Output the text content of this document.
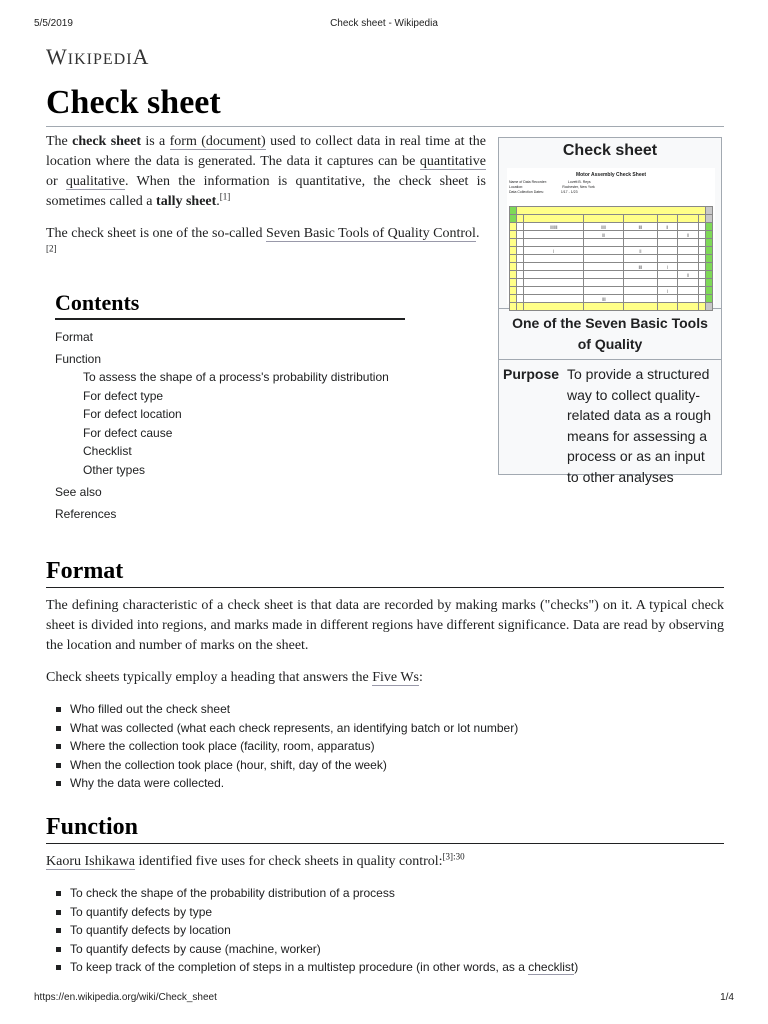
5/5/2019	Check sheet - Wikipedia
WIKIPEDIA
Check sheet

The check sheet is a form (document) used to collect data in real time at the location where the data is generated. The data it captures can be quantitative or qualitative. When the information is quantitative, the check sheet is sometimes called a tally sheet.[1]

The check sheet is one of the so-called Seven Basic Tools of Quality Control.[2]

Check sheet
Motor Assembly Check Sheet
Name of Data Recorder:	Lovett B. Reys
Location:	Rochester, New York
Data Collection Dates:	1/17 - 1/23

		||||||||	|||||	||||	||			
			|||			||		

		|		||				

				||||	|			
						||		

					|			
			||||					

One of the Seven Basic Tools of Quality
Purpose To provide a structured way to collect quality-related data as a rough means for assessing a process or as an input to other analyses
Contents
Format
Function
To assess the shape of a process's probability distribution
For defect type
For defect location
For defect cause
Checklist
Other types
See also
References
Format

The defining characteristic of a check sheet is that data are recorded by making marks ("checks") on it. A typical check sheet is divided into regions, and marks made in different regions have different significance. Data are read by observing the location and number of marks on the sheet.

Check sheets typically employ a heading that answers the Five Ws:

Who filled out the check sheet
What was collected (what each check represents, an identifying batch or lot number)
Where the collection took place (facility, room, apparatus)
When the collection took place (hour, shift, day of the week)
Why the data were collected.
Function

Kaoru Ishikawa identified five uses for check sheets in quality control:$^{[3]:30}$

To check the shape of the probability distribution of a process
To quantify defects by type
To quantify defects by location
To quantify defects by cause (machine, worker)
To keep track of the completion of steps in a multistep procedure (in other words, as a checklist)
https://en.wikipedia.org/wiki/Check_sheet	1/4
